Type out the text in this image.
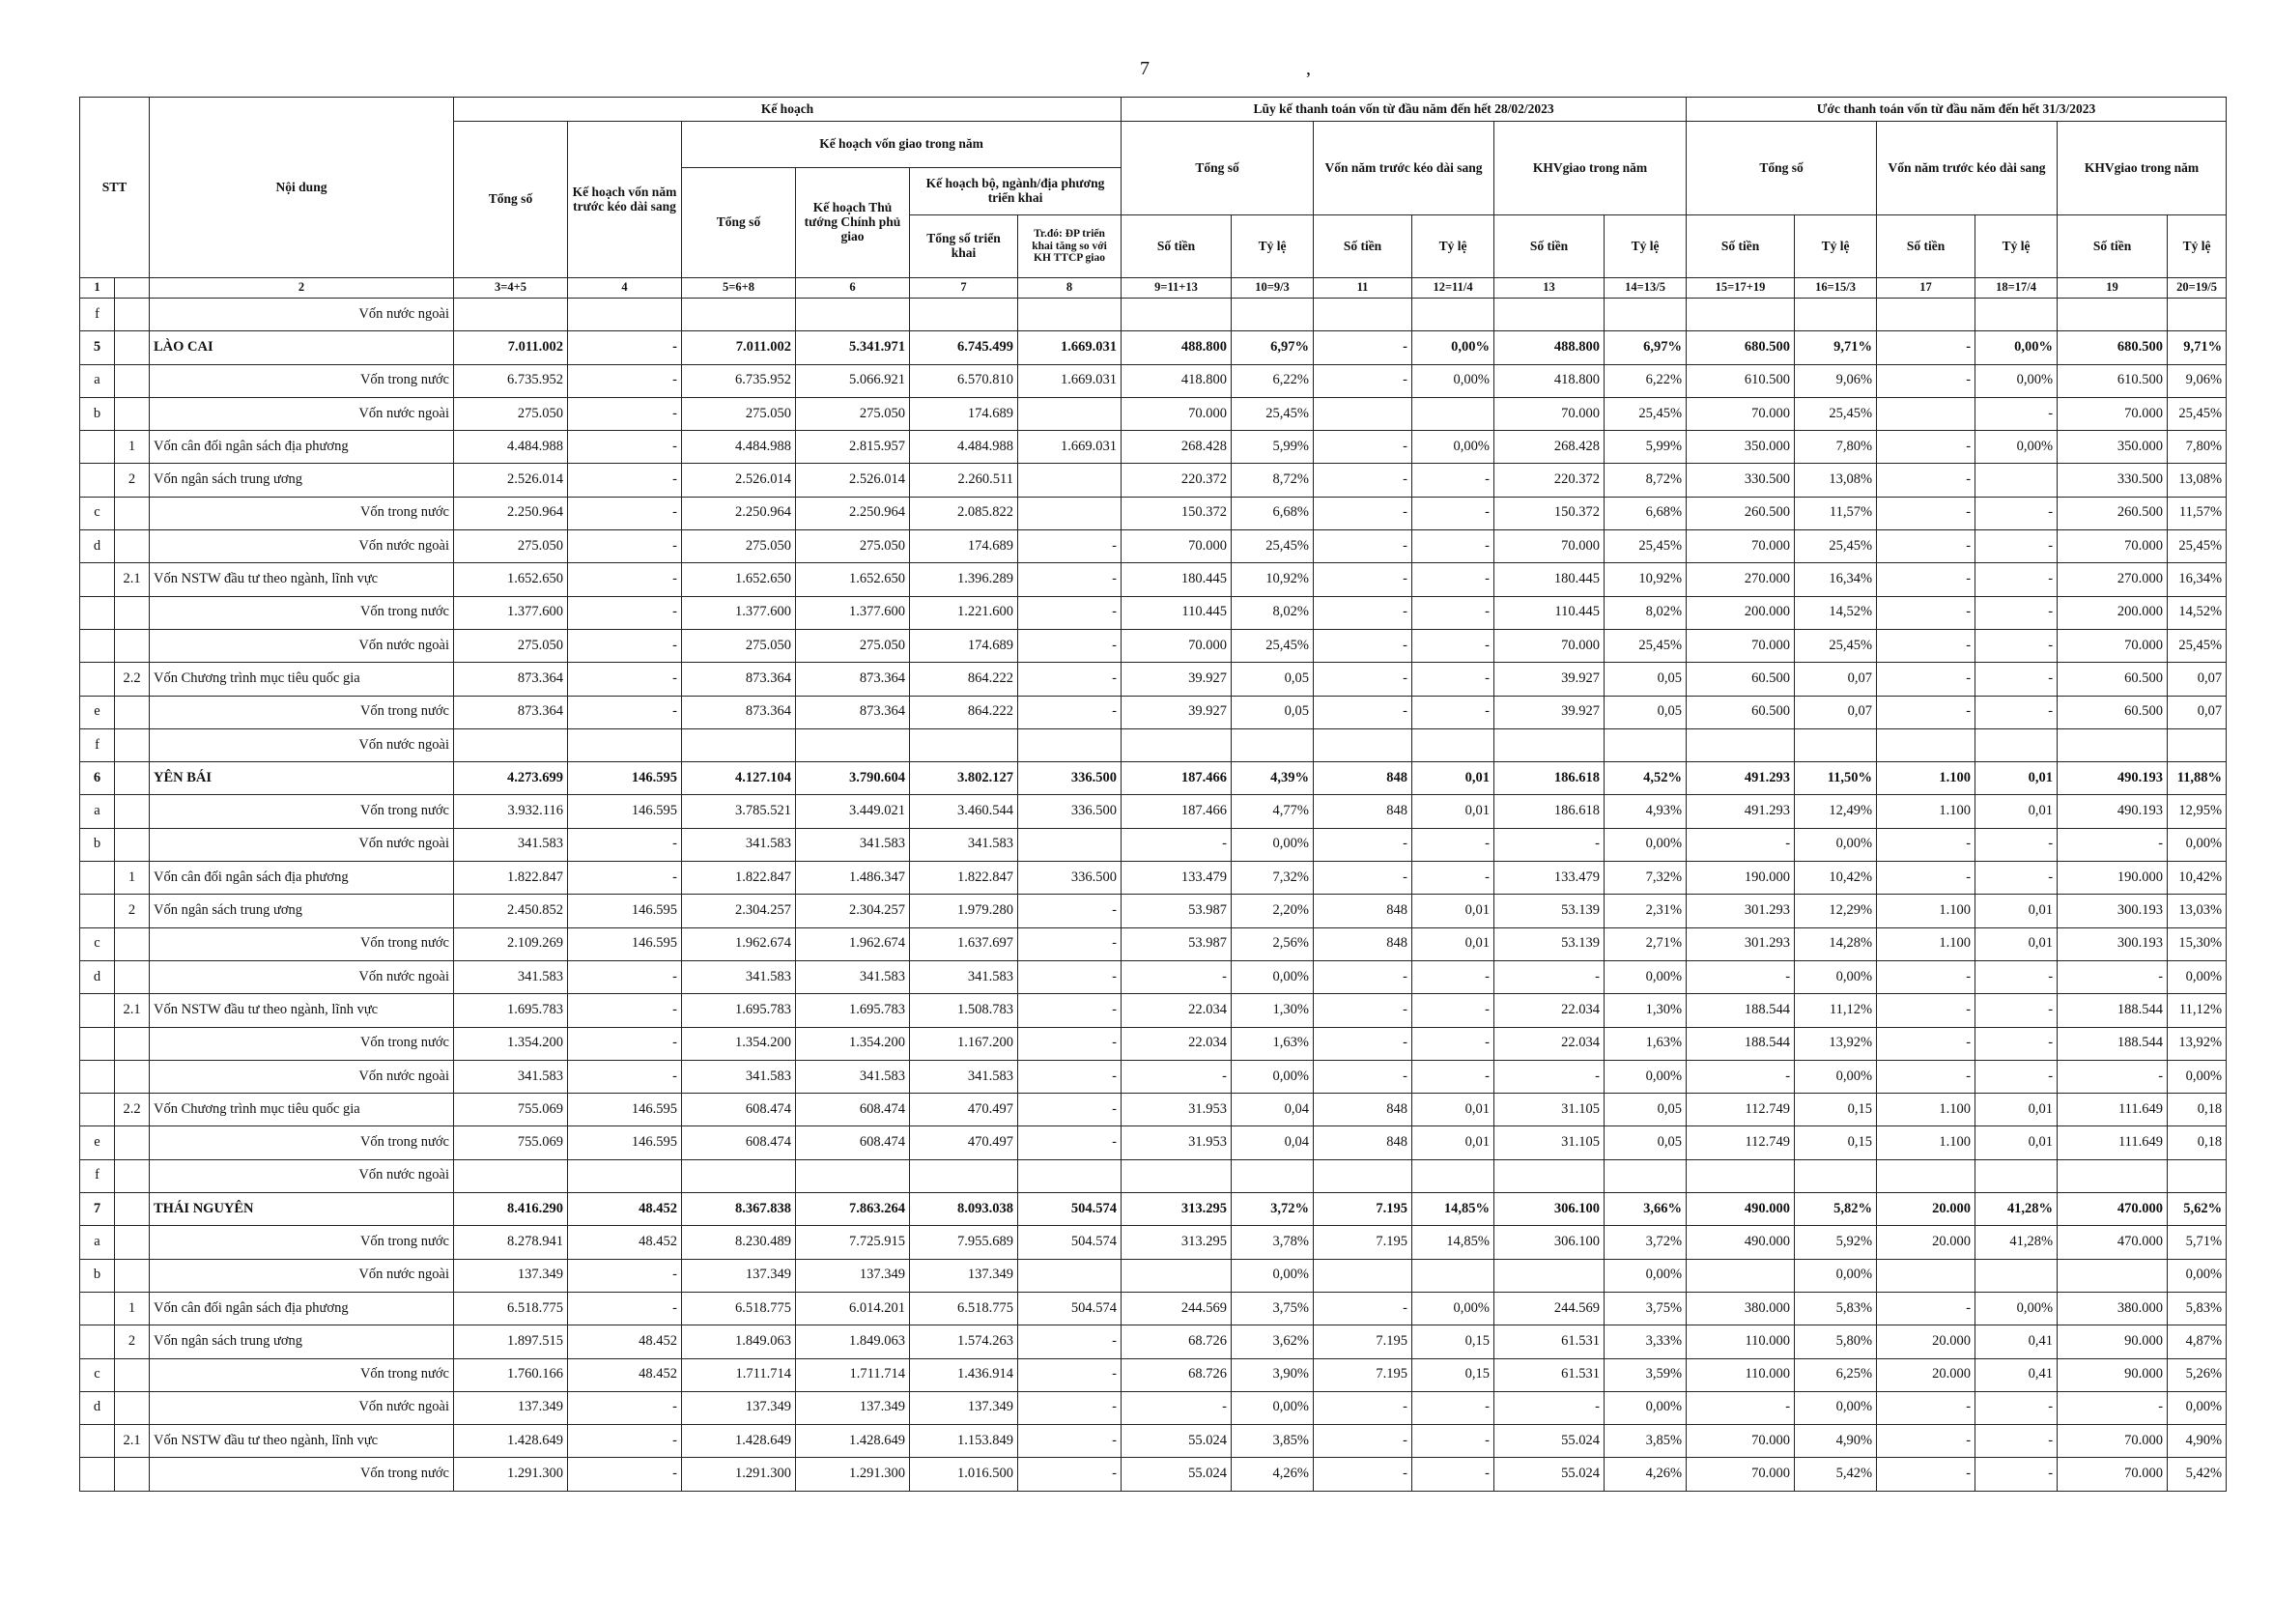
7	,
STT		Nội dung	Kế hoạch						Lũy kế thanh toán vốn từ đầu năm đến hết 28/02/2023						Ước thanh toán vốn từ đầu năm đến hết 31/3/2023					
			Tổng số	Kế hoạch vốn năm trước kéo dài sang	Kế hoạch vốn giao trong năm				Tổng số		Vốn năm trước kéo dài sang		KHVgiao trong năm		Tổng số		Vốn năm trước kéo dài sang		KHVgiao trong năm	
					Tổng số	Kế hoạch Thủ tướng Chính phủ giao	Kế hoạch bộ, ngành/địa phương triển khai													
							Tổng số triển khai	Tr.đó: ĐP triển khai tăng so với KH TTCP giao	Số tiền	Tỷ lệ	Số tiền	Tỷ lệ	Số tiền	Tỷ lệ	Số tiền	Tỷ lệ	Số tiền	Tỷ lệ	Số tiền	Tỷ lệ
1		2	3=4+5	4	5=6+8	6	7	8	9=11+13	10=9/3	11	12=11/4	13	14=13/5	15=17+19	16=15/3	17	18=17/4	19	20=19/5
f		Vốn nước ngoài																		
5		LÀO CAI	7.011.002	-	7.011.002	5.341.971	6.745.499	1.669.031	488.800	6,97%	-	0,00%	488.800	6,97%	680.500	9,71%	-	0,00%	680.500	9,71%
a		Vốn trong nước	6.735.952	-	6.735.952	5.066.921	6.570.810	1.669.031	418.800	6,22%	-	0,00%	418.800	6,22%	610.500	9,06%	-	0,00%	610.500	9,06%
b		Vốn nước ngoài	275.050	-	275.050	275.050	174.689		70.000	25,45%			70.000	25,45%	70.000	25,45%		-	70.000	25,45%
	1	Vốn cân đối ngân sách địa phương	4.484.988	-	4.484.988	2.815.957	4.484.988	1.669.031	268.428	5,99%	-	0,00%	268.428	5,99%	350.000	7,80%	-	0,00%	350.000	7,80%
	2	Vốn ngân sách trung ương	2.526.014	-	2.526.014	2.526.014	2.260.511		220.372	8,72%	-	-	220.372	8,72%	330.500	13,08%	-		330.500	13,08%
c		Vốn trong nước	2.250.964	-	2.250.964	2.250.964	2.085.822		150.372	6,68%	-	-	150.372	6,68%	260.500	11,57%	-	-	260.500	11,57%
d		Vốn nước ngoài	275.050	-	275.050	275.050	174.689	-	70.000	25,45%	-	-	70.000	25,45%	70.000	25,45%	-	-	70.000	25,45%
	2.1	Vốn NSTW đầu tư theo ngành, lĩnh vực	1.652.650	-	1.652.650	1.652.650	1.396.289	-	180.445	10,92%	-	-	180.445	10,92%	270.000	16,34%	-	-	270.000	16,34%
		Vốn trong nước	1.377.600	-	1.377.600	1.377.600	1.221.600	-	110.445	8,02%	-	-	110.445	8,02%	200.000	14,52%	-	-	200.000	14,52%
		Vốn nước ngoài	275.050	-	275.050	275.050	174.689	-	70.000	25,45%	-	-	70.000	25,45%	70.000	25,45%	-	-	70.000	25,45%
	2.2	Vốn Chương trình mục tiêu quốc gia	873.364	-	873.364	873.364	864.222	-	39.927	0,05	-	-	39.927	0,05	60.500	0,07	-	-	60.500	0,07
e		Vốn trong nước	873.364	-	873.364	873.364	864.222	-	39.927	0,05	-	-	39.927	0,05	60.500	0,07	-	-	60.500	0,07
f		Vốn nước ngoài																		
6		YÊN BÁI	4.273.699	146.595	4.127.104	3.790.604	3.802.127	336.500	187.466	4,39%	848	0,01	186.618	4,52%	491.293	11,50%	1.100	0,01	490.193	11,88%
a		Vốn trong nước	3.932.116	146.595	3.785.521	3.449.021	3.460.544	336.500	187.466	4,77%	848	0,01	186.618	4,93%	491.293	12,49%	1.100	0,01	490.193	12,95%
b		Vốn nước ngoài	341.583	-	341.583	341.583	341.583		-	0,00%	-	-	-	0,00%	-	0,00%	-	-	-	0,00%
	1	Vốn cân đối ngân sách địa phương	1.822.847	-	1.822.847	1.486.347	1.822.847	336.500	133.479	7,32%	-	-	133.479	7,32%	190.000	10,42%	-	-	190.000	10,42%
	2	Vốn ngân sách trung ương	2.450.852	146.595	2.304.257	2.304.257	1.979.280	-	53.987	2,20%	848	0,01	53.139	2,31%	301.293	12,29%	1.100	0,01	300.193	13,03%
c		Vốn trong nước	2.109.269	146.595	1.962.674	1.962.674	1.637.697	-	53.987	2,56%	848	0,01	53.139	2,71%	301.293	14,28%	1.100	0,01	300.193	15,30%
d		Vốn nước ngoài	341.583	-	341.583	341.583	341.583	-	-	0,00%	-	-	-	0,00%	-	0,00%	-	-	-	0,00%
	2.1	Vốn NSTW đầu tư theo ngành, lĩnh vực	1.695.783	-	1.695.783	1.695.783	1.508.783	-	22.034	1,30%	-	-	22.034	1,30%	188.544	11,12%	-	-	188.544	11,12%
		Vốn trong nước	1.354.200	-	1.354.200	1.354.200	1.167.200	-	22.034	1,63%	-	-	22.034	1,63%	188.544	13,92%	-	-	188.544	13,92%
		Vốn nước ngoài	341.583	-	341.583	341.583	341.583	-	-	0,00%	-	-	-	0,00%	-	0,00%	-	-	-	0,00%
	2.2	Vốn Chương trình mục tiêu quốc gia	755.069	146.595	608.474	608.474	470.497	-	31.953	0,04	848	0,01	31.105	0,05	112.749	0,15	1.100	0,01	111.649	0,18
e		Vốn trong nước	755.069	146.595	608.474	608.474	470.497	-	31.953	0,04	848	0,01	31.105	0,05	112.749	0,15	1.100	0,01	111.649	0,18
f		Vốn nước ngoài																		
7		THÁI NGUYÊN	8.416.290	48.452	8.367.838	7.863.264	8.093.038	504.574	313.295	3,72%	7.195	14,85%	306.100	3,66%	490.000	5,82%	20.000	41,28%	470.000	5,62%
a		Vốn trong nước	8.278.941	48.452	8.230.489	7.725.915	7.955.689	504.574	313.295	3,78%	7.195	14,85%	306.100	3,72%	490.000	5,92%	20.000	41,28%	470.000	5,71%
b		Vốn nước ngoài	137.349	-	137.349	137.349	137.349			0,00%				0,00%		0,00%				0,00%
	1	Vốn cân đối ngân sách địa phương	6.518.775	-	6.518.775	6.014.201	6.518.775	504.574	244.569	3,75%	-	0,00%	244.569	3,75%	380.000	5,83%	-	0,00%	380.000	5,83%
	2	Vốn ngân sách trung ương	1.897.515	48.452	1.849.063	1.849.063	1.574.263	-	68.726	3,62%	7.195	0,15	61.531	3,33%	110.000	5,80%	20.000	0,41	90.000	4,87%
c		Vốn trong nước	1.760.166	48.452	1.711.714	1.711.714	1.436.914	-	68.726	3,90%	7.195	0,15	61.531	3,59%	110.000	6,25%	20.000	0,41	90.000	5,26%
d		Vốn nước ngoài	137.349	-	137.349	137.349	137.349	-	-	0,00%	-	-	-	0,00%	-	0,00%	-	-	-	0,00%
	2.1	Vốn NSTW đầu tư theo ngành, lĩnh vực	1.428.649	-	1.428.649	1.428.649	1.153.849	-	55.024	3,85%	-	-	55.024	3,85%	70.000	4,90%	-	-	70.000	4,90%
		Vốn trong nước	1.291.300	-	1.291.300	1.291.300	1.016.500	-	55.024	4,26%	-	-	55.024	4,26%	70.000	5,42%	-	-	70.000	5,42%
